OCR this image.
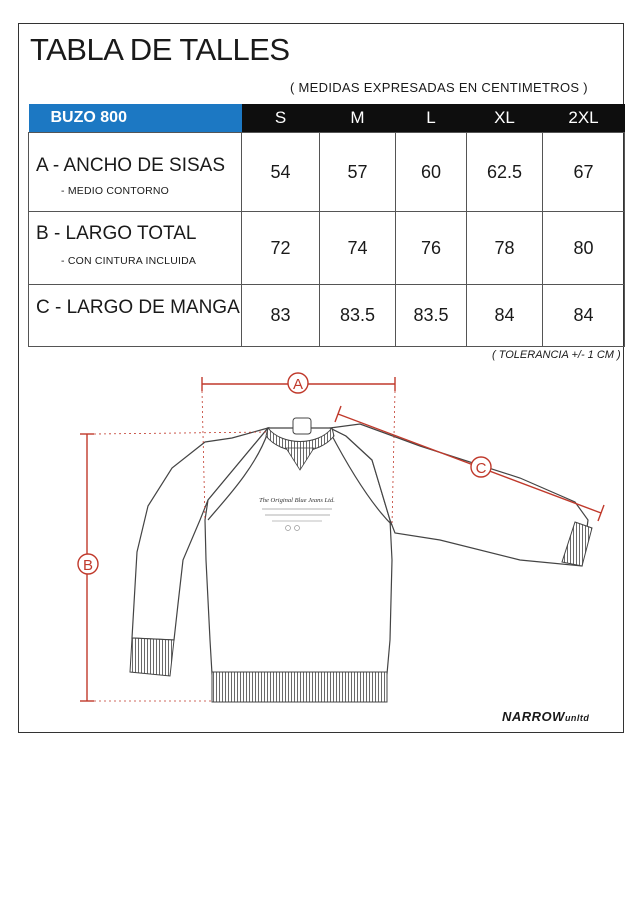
TABLA DE TALLES
( MEDIDAS EXPRESADAS EN CENTIMETROS )
BUZO 800	S	M	L	XL	2XL

A - ANCHO DE SISAS
- MEDIO CONTORNO	54	57	60	62.5	67

B - LARGO TOTAL
- CON CINTURA INCLUIDA	72	74	76	78	80

C - LARGO DE MANGA	83	83.5	83.5	84	84
( TOLERANCIA +/- 1 CM )
The Original Blue Jeans Ltd.
A
B
C
NARROWunltd
